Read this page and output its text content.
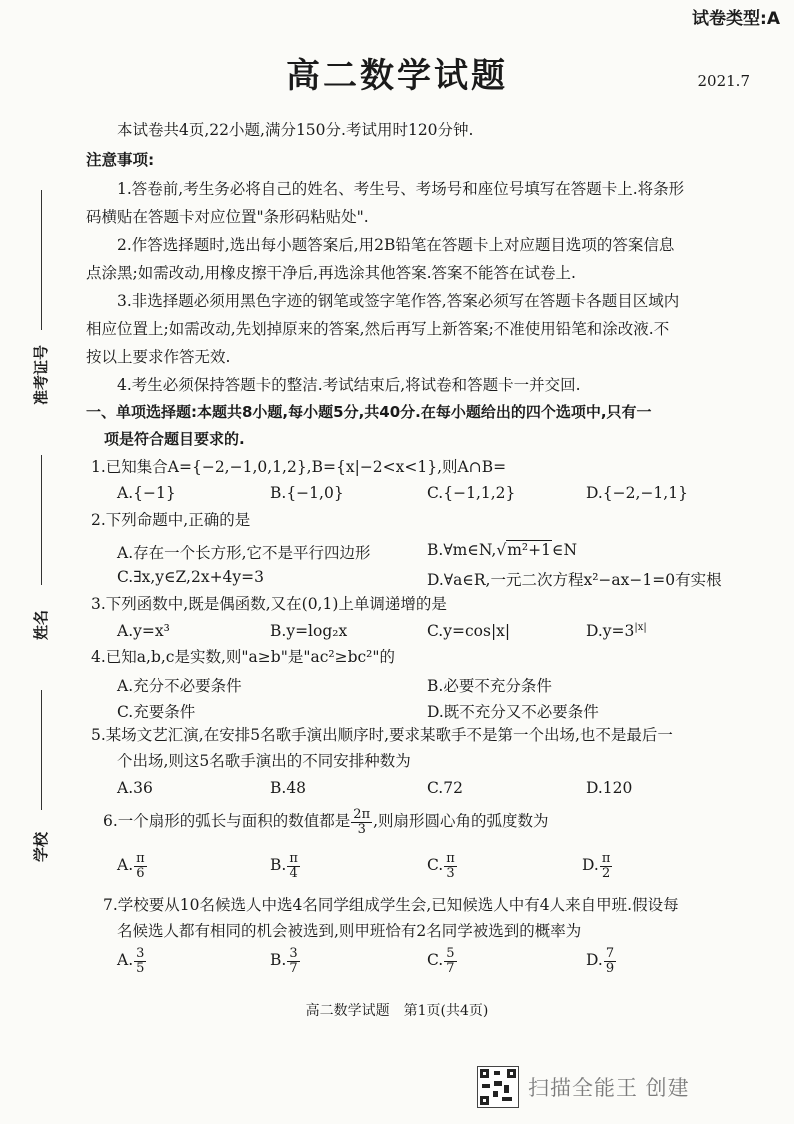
试卷类型:A
高二数学试题	2021.7
准考证号
姓名
学校
本试卷共4页,22小题,满分150分.考试用时120分钟.
注意事项:
1.答卷前,考生务必将自己的姓名、考生号、考场号和座位号填写在答题卡上.将条形
码横贴在答题卡对应位置"条形码粘贴处".
2.作答选择题时,选出每小题答案后,用2B铅笔在答题卡上对应题目选项的答案信息
点涂黑;如需改动,用橡皮擦干净后,再选涂其他答案.答案不能答在试卷上.
3.非选择题必须用黑色字迹的钢笔或签字笔作答,答案必须写在答题卡各题目区域内
相应位置上;如需改动,先划掉原来的答案,然后再写上新答案;不准使用铅笔和涂改液.不
按以上要求作答无效.
4.考生必须保持答题卡的整洁.考试结束后,将试卷和答题卡一并交回.
一、单项选择题:本题共8小题,每小题5分,共40分.在每小题给出的四个选项中,只有一
项是符合题目要求的.
1.已知集合A={−2,−1,0,1,2},B={x|−2<x<1},则A∩B=
A.{−1}	B.{−1,0}	C.{−1,1,2}	D.{−2,−1,1}
2.下列命题中,正确的是
A.存在一个长方形,它不是平行四边形	B.∀m∈N,√m²+1∈N
C.∃x,y∈Z,2x+4y=3	D.∀a∈R,一元二次方程x²−ax−1=0有实根
3.下列函数中,既是偶函数,又在(0,1)上单调递增的是
A.y=x³	B.y=log₂x	C.y=cos|x|	$D.y=3^{|x|}$
4.已知a,b,c是实数,则"a≥b"是"ac²≥bc²"的
A.充分不必要条件	B.必要不充分条件
C.充要条件	D.既不充分又不必要条件
5.某场文艺汇演,在安排5名歌手演出顺序时,要求某歌手不是第一个出场,也不是最后一
个出场,则这5名歌手演出的不同安排种数为
A.36	B.48	C.72	D.120
6.一个扇形的弧长与面积的数值都是 $\frac{2\pi}{3}$ ,则扇形圆心角的弧度数为
A. $\frac{\pi}{6}$	B. $\frac{\pi}{4}$	C. $\frac{\pi}{3}$	D. $\frac{\pi}{2}$
7.学校要从10名候选人中选4名同学组成学生会,已知候选人中有4人来自甲班.假设每
名候选人都有相同的机会被选到,则甲班恰有2名同学被选到的概率为
A. $\frac{3}{5}$	B. $\frac{3}{7}$	C. $\frac{5}{7}$	D. $\frac{7}{9}$
高二数学试题　第1页(共4页)
扫描全能王 创建
